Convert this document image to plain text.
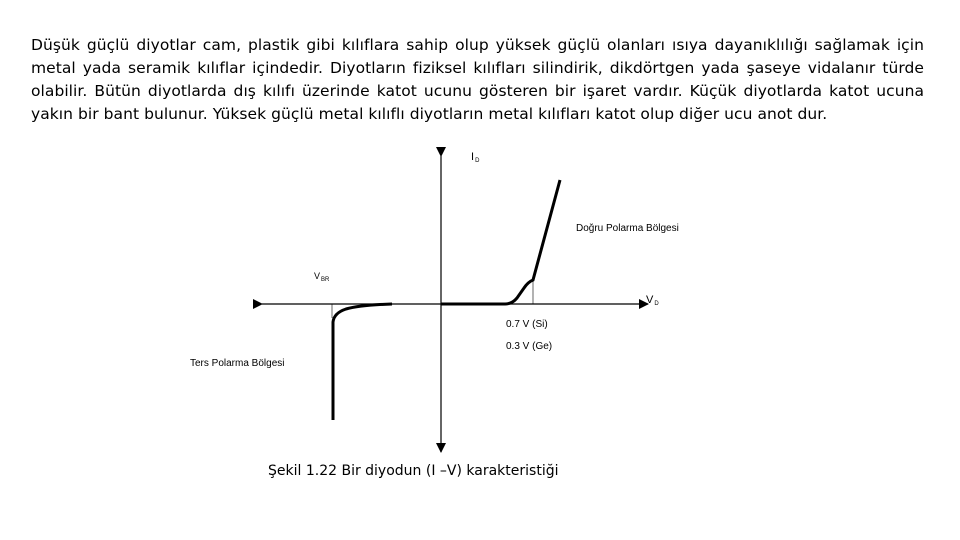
Düşük güçlü diyotlar cam, plastik gibi kılıflara sahip olup yüksek güçlü olanları ısıya dayanıklılığı sağlamak için metal yada seramik kılıflar içindedir. Diyotların fiziksel kılıfları silindirik, dikdörtgen yada şaseye vidalanır türde olabilir. Bütün diyotlarda dış kılıfı üzerinde katot ucunu gösteren bir işaret vardır. Küçük diyotlarda katot ucuna yakın bir bant bulunur. Yüksek güçlü metal kılıflı diyotların metal kılıfları katot olup diğer ucu anot dur.

$I_D$
$V_D$
$V_{BR}$
Doğru Polarma Bölgesi
Ters Polarma Bölgesi
0.7 V (Si)
0.3 V (Ge)
Şekil 1.22 Bir diyodun (I –V) karakteristiği
